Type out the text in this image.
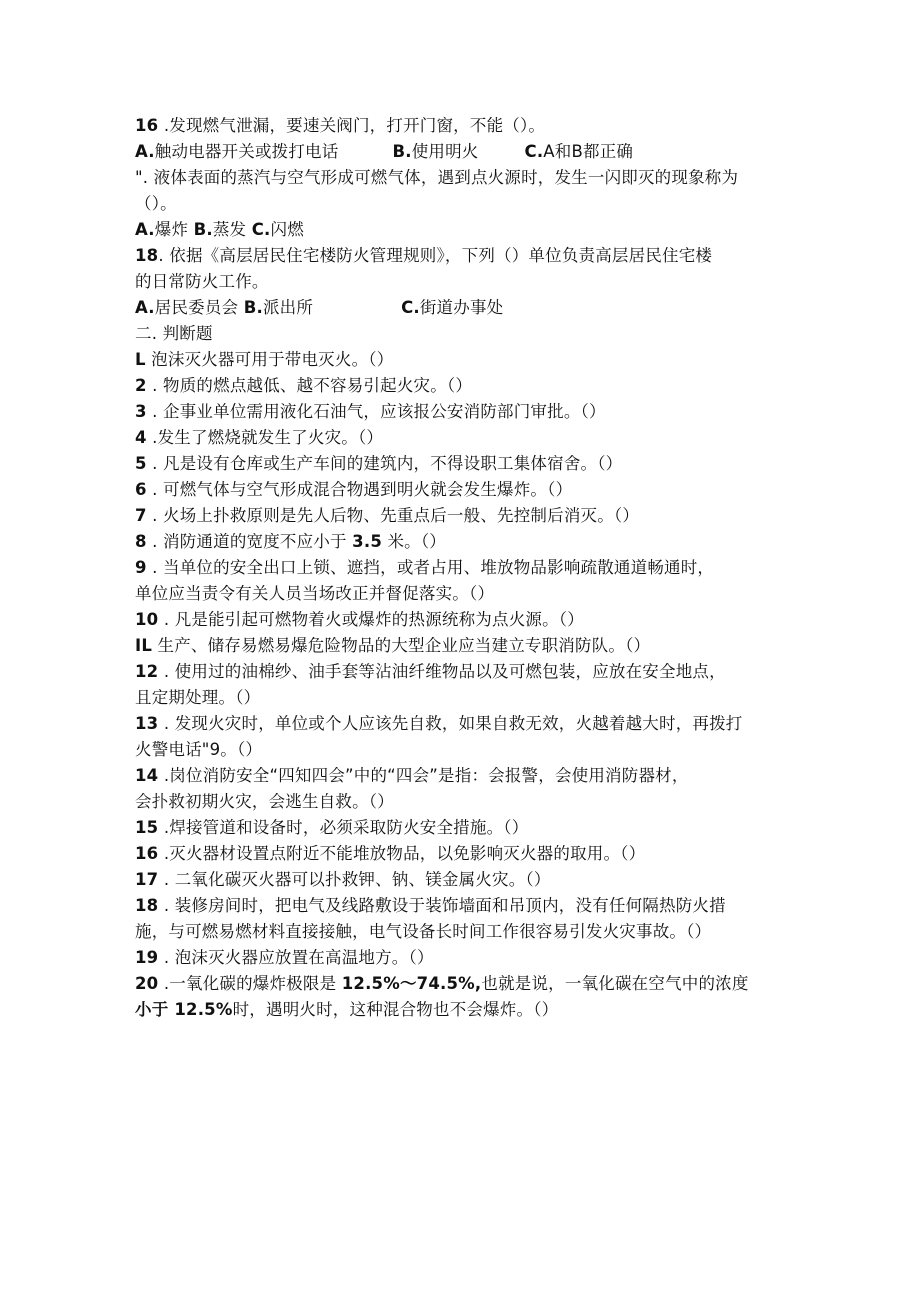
16 .发现燃气泄漏，要速关阀门，打开门窗，不能（）。
A.触动电器开关或拨打电话	B.使用明火	C.A和B都正确
". 液体表面的蒸汽与空气形成可燃气体，遇到点火源时，发生一闪即灭的现象称为
（）。
A.爆炸 B.蒸发 C.闪燃
18. 依据《高层居民住宅楼防火管理规则》，下列（）单位负责高层居民住宅楼
的日常防火工作。
A.居民委员会 B.派出所	C.街道办事处
二. 判断题
L 泡沫灭火器可用于带电灭火。（）
2 . 物质的燃点越低、越不容易引起火灾。（）
3 . 企事业单位需用液化石油气，应该报公安消防部门审批。（）
4 .发生了燃烧就发生了火灾。（）
5 . 凡是设有仓库或生产车间的建筑内，不得设职工集体宿舍。（）
6 . 可燃气体与空气形成混合物遇到明火就会发生爆炸。（）
7 . 火场上扑救原则是先人后物、先重点后一般、先控制后消灭。（）
8 . 消防通道的宽度不应小于 3.5 米。（）
9 . 当单位的安全出口上锁、遮挡，或者占用、堆放物品影响疏散通道畅通时，
单位应当责令有关人员当场改正并督促落实。（）
10 . 凡是能引起可燃物着火或爆炸的热源统称为点火源。（）
IL 生产、储存易燃易爆危险物品的大型企业应当建立专职消防队。（）
12 . 使用过的油棉纱、油手套等沾油纤维物品以及可燃包装，应放在安全地点，
且定期处理。（）
13 . 发现火灾时，单位或个人应该先自救，如果自救无效，火越着越大时，再拨打
火警电话"9。（）
14 .岗位消防安全“四知四会”中的“四会”是指：会报警，会使用消防器材，
会扑救初期火灾，会逃生自救。（）
15 .焊接管道和设备时，必须采取防火安全措施。（）
16 .灭火器材设置点附近不能堆放物品，以免影响灭火器的取用。（）
17 . 二氧化碳灭火器可以扑救钾、钠、镁金属火灾。（）
18 . 装修房间时，把电气及线路敷设于装饰墙面和吊顶内，没有任何隔热防火措
施，与可燃易燃材料直接接触，电气设备长时间工作很容易引发火灾事故。（）
19 . 泡沫灭火器应放置在高温地方。（）
20 .一氧化碳的爆炸极限是 12.5%～74.5%,也就是说，一氧化碳在空气中的浓度
小于 12.5%时，遇明火时，这种混合物也不会爆炸。（）
